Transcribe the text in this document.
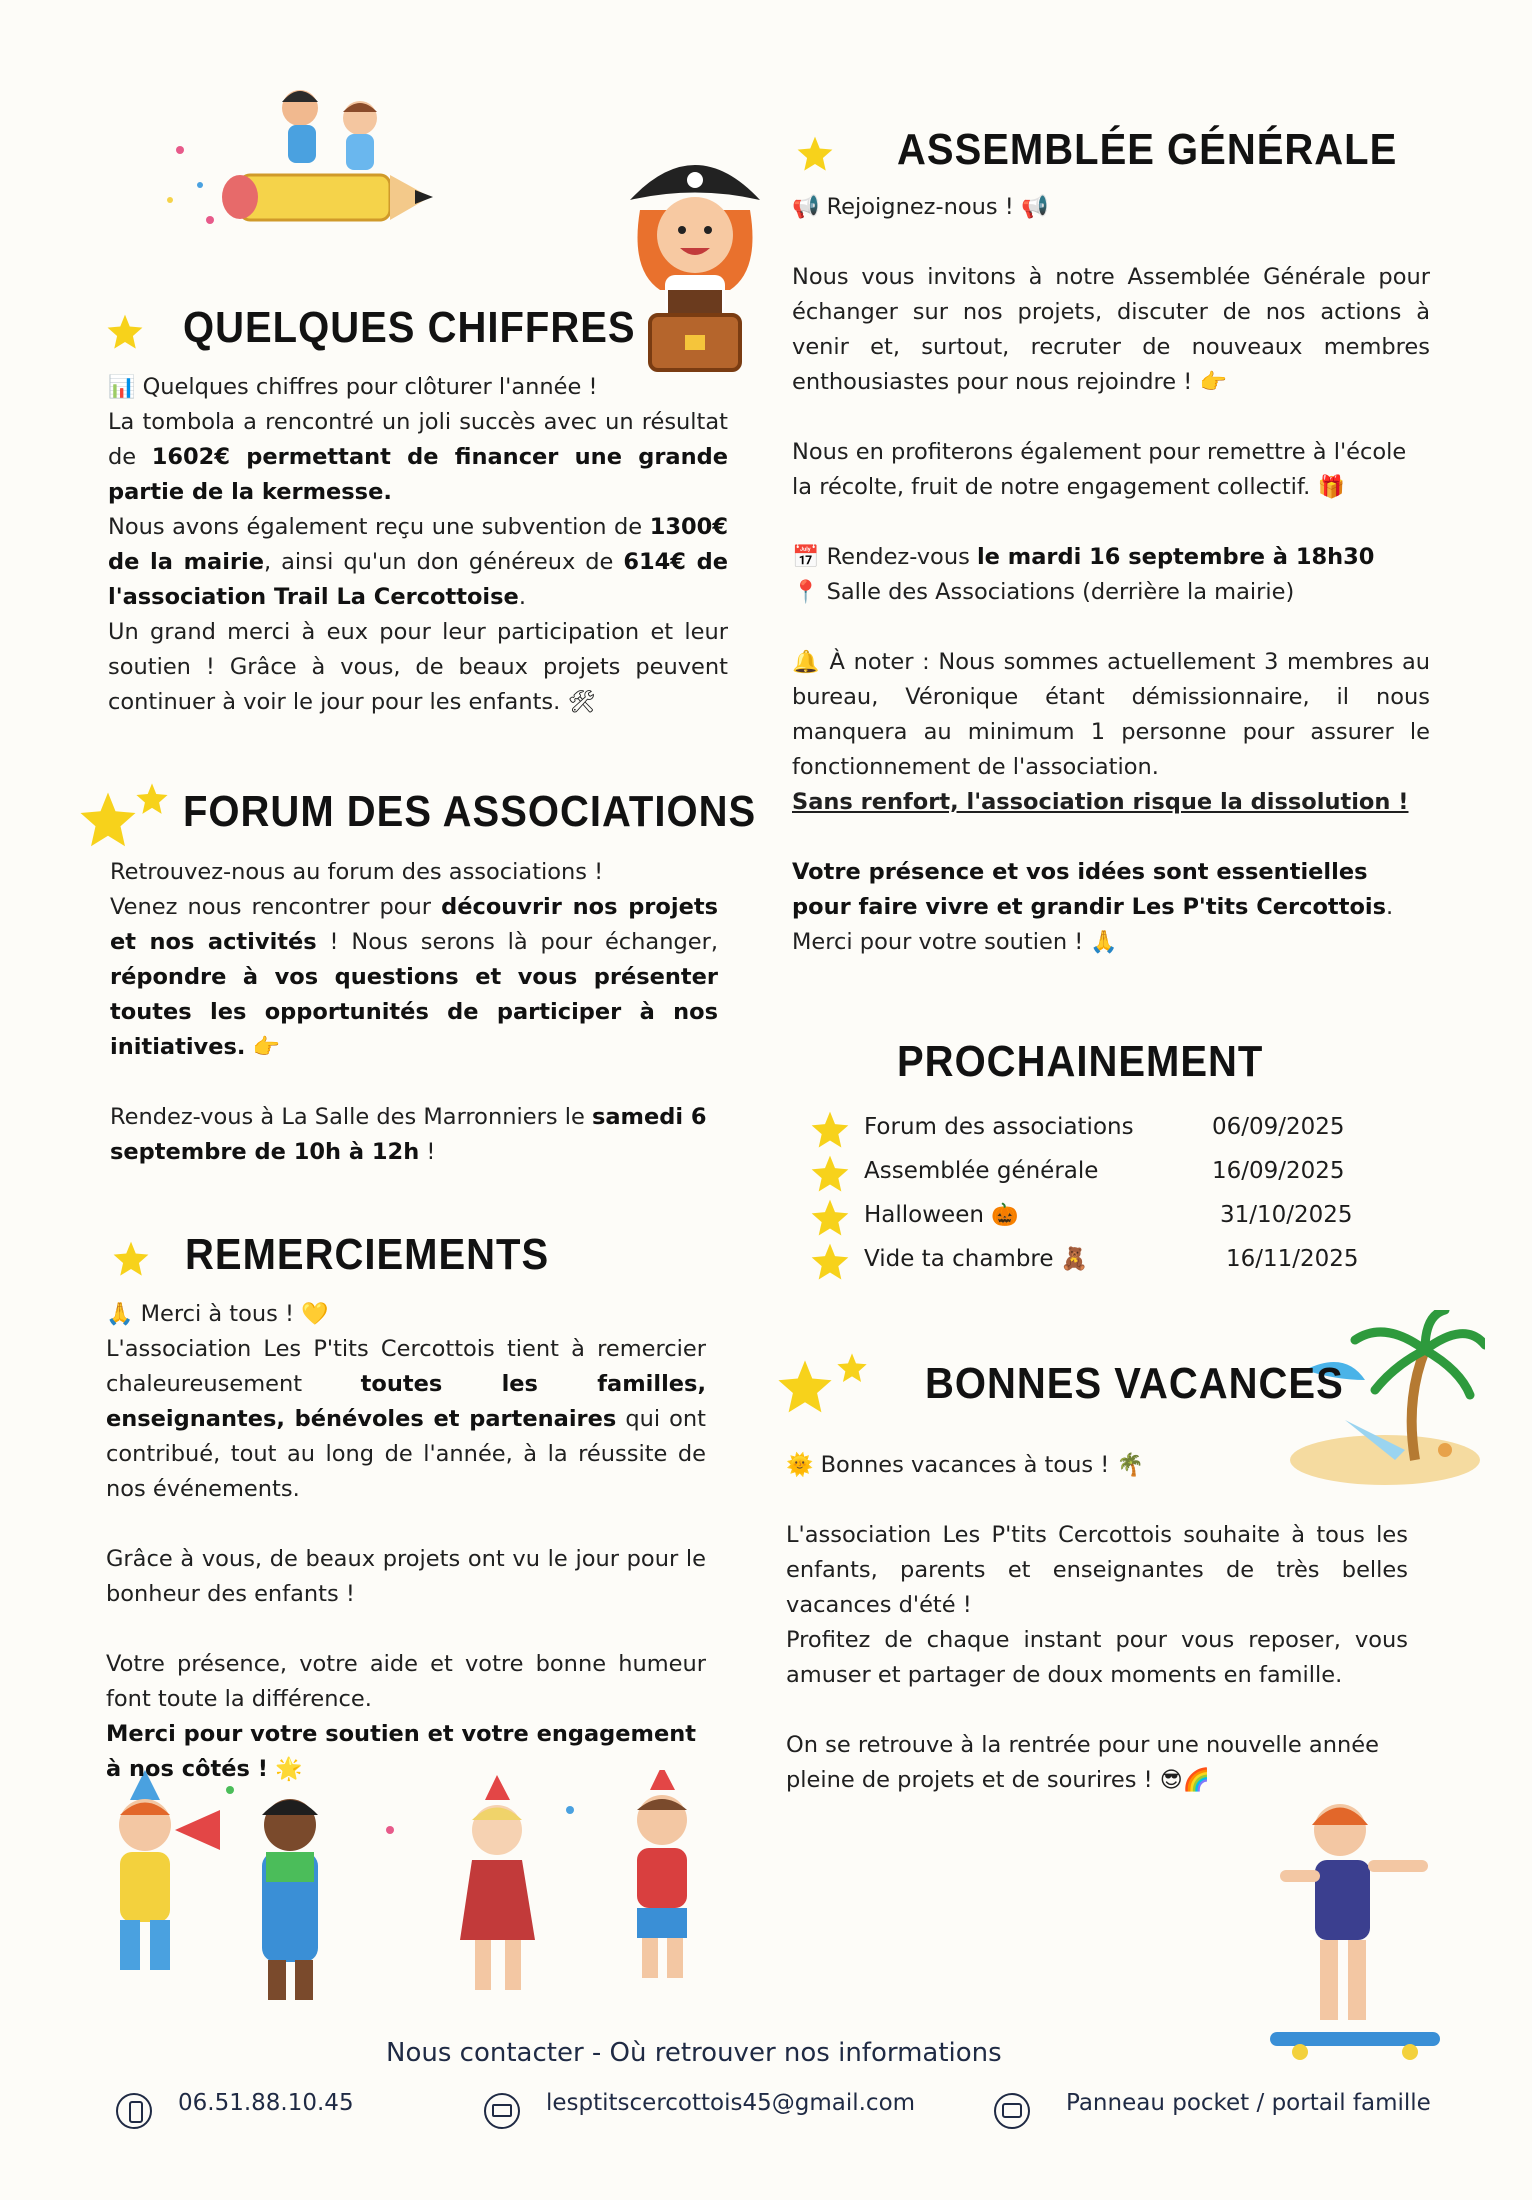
QUELQUES CHIFFRES

📊 Quelques chiffres pour clôturer l'année !

La tombola a rencontré un joli succès avec un résultat de 1602€ permettant de financer une grande partie de la kermesse.

Nous avons également reçu une subvention de 1300€ de la mairie, ainsi qu'un don généreux de 614€ de l'association Trail La Cercottoise.

Un grand merci à eux pour leur participation et leur soutien ! Grâce à vous, de beaux projets peuvent continuer à voir le jour pour les enfants. 🛠

FORUM DES ASSOCIATIONS

Retrouvez-nous au forum des associations !

Venez nous rencontrer pour découvrir nos projets et nos activités ! Nous serons là pour échanger, répondre à vos questions et vous présenter toutes les opportunités de participer à nos initiatives. 👉

Rendez-vous à La Salle des Marronniers le samedi 6 septembre de 10h à 12h !

REMERCIEMENTS

🙏 Merci à tous ! 💛

L'association Les P'tits Cercottois tient à remercier chaleureusement toutes les familles, enseignantes, bénévoles et partenaires qui ont contribué, tout au long de l'année, à la réussite de nos événements.

Grâce à vous, de beaux projets ont vu le jour pour le bonheur des enfants !

Votre présence, votre aide et votre bonne humeur font toute la différence.

Merci pour votre soutien et votre engagement à nos côtés ! 🌟

ASSEMBLÉE GÉNÉRALE

📢 Rejoignez-nous ! 📢

Nous vous invitons à notre Assemblée Générale pour échanger sur nos projets, discuter de nos actions à venir et, surtout, recruter de nouveaux membres enthousiastes pour nous rejoindre ! 👉

Nous en profiterons également pour remettre à l'école la récolte, fruit de notre engagement collectif. 🎁

📅 Rendez-vous le mardi 16 septembre à 18h30

📍 Salle des Associations (derrière la mairie)

🔔 À noter : Nous sommes actuellement 3 membres au bureau, Véronique étant démissionnaire, il nous manquera au minimum 1 personne pour assurer le fonctionnement de l'association.

Sans renfort, l'association risque la dissolution !

Votre présence et vos idées sont essentielles pour faire vivre et grandir Les P'tits Cercottois. Merci pour votre soutien ! 🙏

PROCHAINEMENT
Forum des associations	06/09/2025
Assemblée générale	16/09/2025
Halloween 🎃	31/10/2025
Vide ta chambre 🧸	16/11/2025
BONNES VACANCES

🌞 Bonnes vacances à tous ! 🌴

L'association Les P'tits Cercottois souhaite à tous les enfants, parents et enseignantes de très belles vacances d'été !

Profitez de chaque instant pour vous reposer, vous amuser et partager de doux moments en famille.

On se retrouve à la rentrée pour une nouvelle année pleine de projets et de sourires ! 😎🌈

Nous contacter - Où retrouver nos informations
06.51.88.10.45	lesptitscercottois45@gmail.com	Panneau pocket / portail famille
